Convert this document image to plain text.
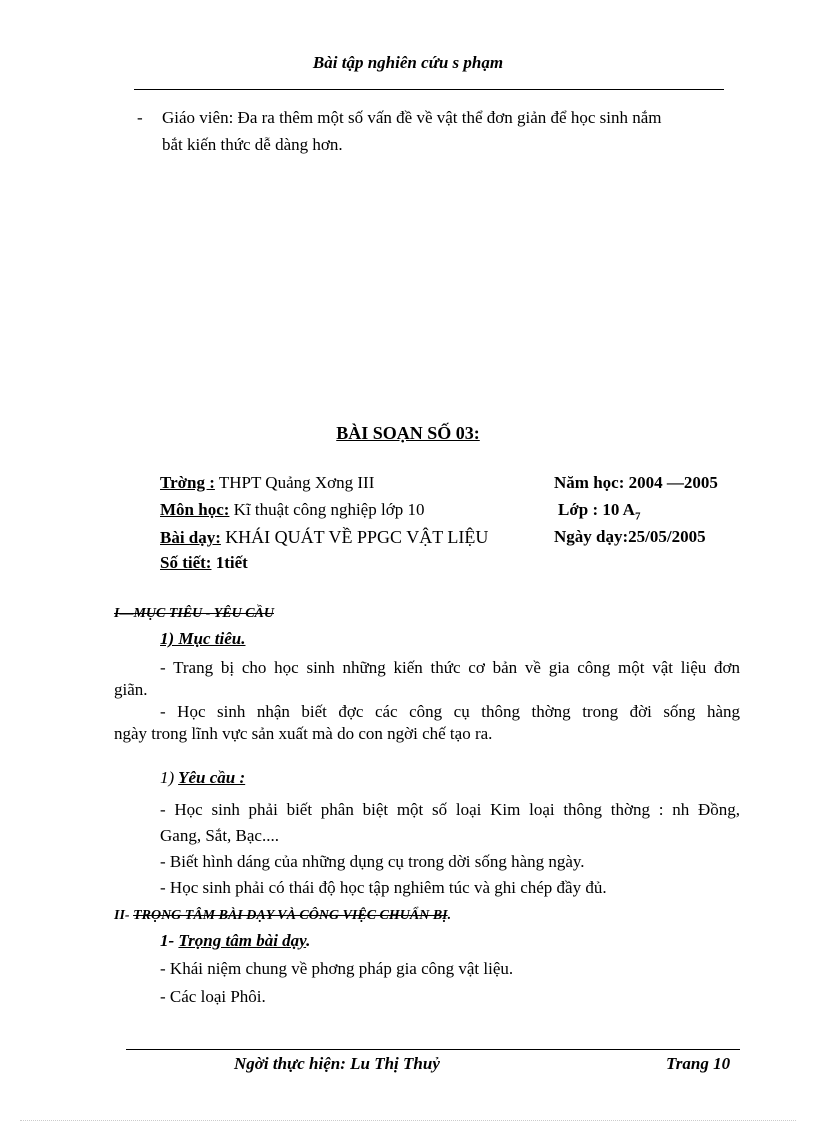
Bài tập nghiên cứu s phạm
- Giáo viên: Đa ra thêm một số vấn đề về vật thể đơn giản để học sinh nắm
bắt kiến thức dễ dàng hơn.
BÀI SOẠN SỐ 03:
Trờng : THPT Quảng Xơng III	Năm học: 2004 —2005
Môn học: Kĩ thuật công nghiệp lớp 10	Lớp : 10 $A_7$
Bài dạy: KHÁI QUÁT VỀ PPGC VẬT LIỆU	Ngày dạy:25/05/2005
Số tiết: 1tiết
I—MỤC TIÊU - YÊU CẦU
1) Mục tiêu.
- Trang bị cho học sinh những kiến thức cơ bản về gia công một vật liệu đơn
giãn.
- Học sinh nhận biết đợc các công cụ thông thờng trong đời sống hàng
ngày trong lĩnh vực sản xuất mà do con ngời chế tạo ra.
1) Yêu cầu :
- Học sinh phải biết phân biệt một số loại Kim loại thông thờng : nh Đồng,
Gang, Sắt, Bạc....
- Biết hình dáng của những dụng cụ trong dời sống hàng ngày.
- Học sinh phải có thái độ học tập nghiêm túc và ghi chép đầy đủ.
II- TRỌNG TÂM BÀI DẠY VÀ CÔNG VIỆC CHUẨN BỊ.
1- Trọng tâm bài dạy.
- Khái niệm chung về phơng pháp gia công vật liệu.
- Các loại Phôi.
Ngời thực hiện: Lu Thị Thuỷ	Trang 10
